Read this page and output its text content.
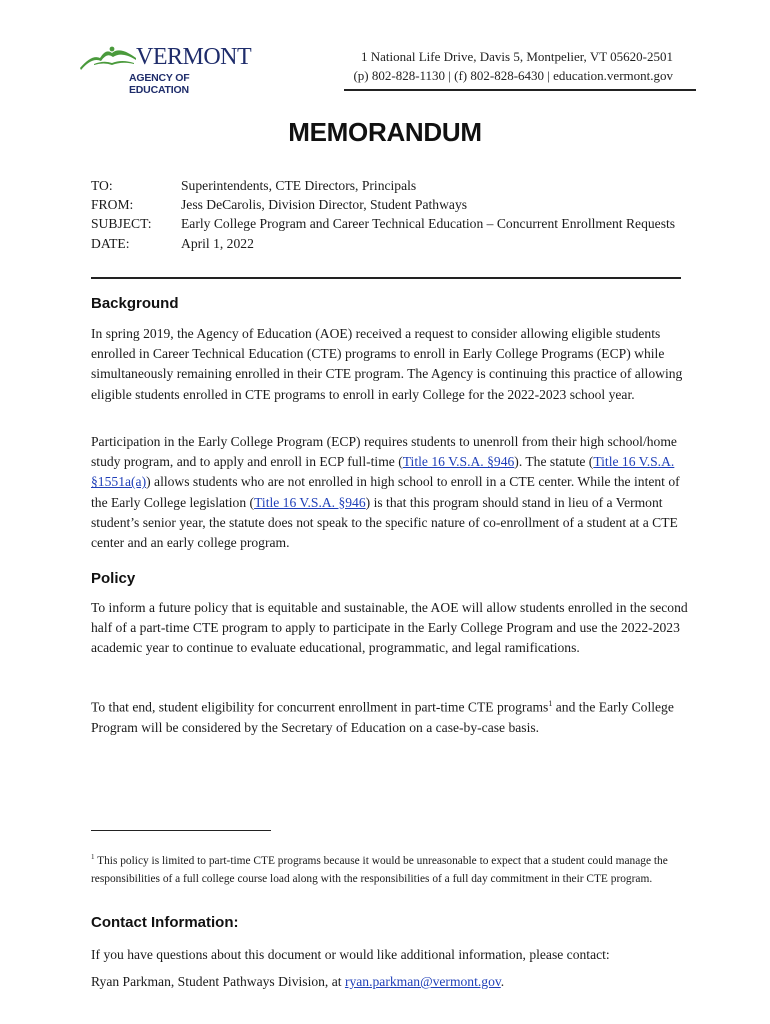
VERMONT
AGENCY OF EDUCATION
1 National Life Drive, Davis 5, Montpelier, VT 05620-2501
(p) 802-828-1130 | (f) 802-828-6430 | education.vermont.gov
MEMORANDUM
TO:	Superintendents, CTE Directors, Principals
FROM:	Jess DeCarolis, Division Director, Student Pathways
SUBJECT:	Early College Program and Career Technical Education – Concurrent Enrollment Requests
DATE:	April 1, 2022
Background
In spring 2019, the Agency of Education (AOE) received a request to consider allowing eligible students enrolled in Career Technical Education (CTE) programs to enroll in Early College Programs (ECP) while simultaneously remaining enrolled in their CTE program. The Agency is continuing this practice of allowing eligible students enrolled in CTE programs to enroll in early College for the 2022-2023 school year.
Participation in the Early College Program (ECP) requires students to unenroll from their high school/home study program, and to apply and enroll in ECP full-time (Title 16 V.S.A. §946). The statute (Title 16 V.S.A. §1551a(a)) allows students who are not enrolled in high school to enroll in a CTE center. While the intent of the Early College legislation (Title 16 V.S.A. §946) is that this program should stand in lieu of a Vermont student’s senior year, the statute does not speak to the specific nature of co-enrollment of a student at a CTE center and an early college program.
Policy
To inform a future policy that is equitable and sustainable, the AOE will allow students enrolled in the second half of a part-time CTE program to apply to participate in the Early College Program and use the 2022-2023 academic year to continue to evaluate educational, programmatic, and legal ramifications.
To that end, student eligibility for concurrent enrollment in part-time CTE programs$^1$ and the Early College Program will be considered by the Secretary of Education on a case-by-case basis.
$^1$ This policy is limited to part-time CTE programs because it would be unreasonable to expect that a student could manage the responsibilities of a full college course load along with the responsibilities of a full day commitment in their CTE program.
Contact Information:
If you have questions about this document or would like additional information, please contact:
Ryan Parkman, Student Pathways Division, at ryan.parkman@vermont.gov.
